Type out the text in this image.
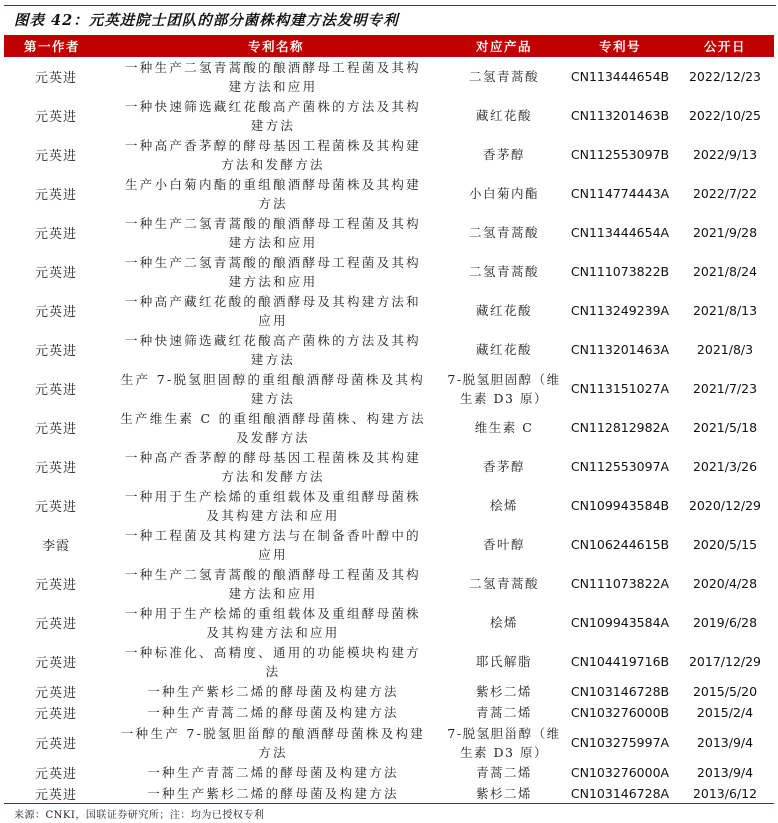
图表 42：元英进院士团队的部分菌株构建方法发明专利
第一作者	专利名称	对应产品	专利号	公开日
元英进	一种生产二氢青蒿酸的酿酒酵母工程菌及其构建方法和应用	二氢青蒿酸	CN113444654B	2022/12/23
元英进	一种快速筛选藏红花酸高产菌株的方法及其构建方法	藏红花酸	CN113201463B	2022/10/25
元英进	一种高产香茅醇的酵母基因工程菌株及其构建方法和发酵方法	香茅醇	CN112553097B	2022/9/13
元英进	生产小白菊内酯的重组酿酒酵母菌株及其构建方法	小白菊内酯	CN114774443A	2022/7/22
元英进	一种生产二氢青蒿酸的酿酒酵母工程菌及其构建方法和应用	二氢青蒿酸	CN113444654A	2021/9/28
元英进	一种生产二氢青蒿酸的酿酒酵母工程菌及其构建方法和应用	二氢青蒿酸	CN111073822B	2021/8/24
元英进	一种高产藏红花酸的酿酒酵母及其构建方法和应用	藏红花酸	CN113249239A	2021/8/13
元英进	一种快速筛选藏红花酸高产菌株的方法及其构建方法	藏红花酸	CN113201463A	2021/8/3
元英进	生产 7-脱氢胆固醇的重组酿酒酵母菌株及其构建方法	7-脱氢胆固醇（维生素 D3 原）	CN113151027A	2021/7/23
元英进	生产维生素 C 的重组酿酒酵母菌株、构建方法及发酵方法	维生素 C	CN112812982A	2021/5/18
元英进	一种高产香茅醇的酵母基因工程菌株及其构建方法和发酵方法	香茅醇	CN112553097A	2021/3/26
元英进	一种用于生产桧烯的重组载体及重组酵母菌株及其构建方法和应用	桧烯	CN109943584B	2020/12/29
李霞	一种工程菌及其构建方法与在制备香叶醇中的应用	香叶醇	CN106244615B	2020/5/15
元英进	一种生产二氢青蒿酸的酿酒酵母工程菌及其构建方法和应用	二氢青蒿酸	CN111073822A	2020/4/28
元英进	一种用于生产桧烯的重组载体及重组酵母菌株及其构建方法和应用	桧烯	CN109943584A	2019/6/28
元英进	一种标准化、高精度、通用的功能模块构建方法	耶氏解脂	CN104419716B	2017/12/29
元英进	一种生产紫杉二烯的酵母菌及构建方法	紫杉二烯	CN103146728B	2015/5/20
元英进	一种生产青蒿二烯的酵母菌及构建方法	青蒿二烯	CN103276000B	2015/2/4
元英进	一种生产 7-脱氢胆甾醇的酿酒酵母菌株及构建方法	7-脱氢胆甾醇（维生素 D3 原）	CN103275997A	2013/9/4
元英进	一种生产青蒿二烯的酵母菌及构建方法	青蒿二烯	CN103276000A	2013/9/4
元英进	一种生产紫杉二烯的酵母菌及构建方法	紫杉二烯	CN103146728A	2013/6/12
来源：CNKI，国联证券研究所；注：均为已授权专利
